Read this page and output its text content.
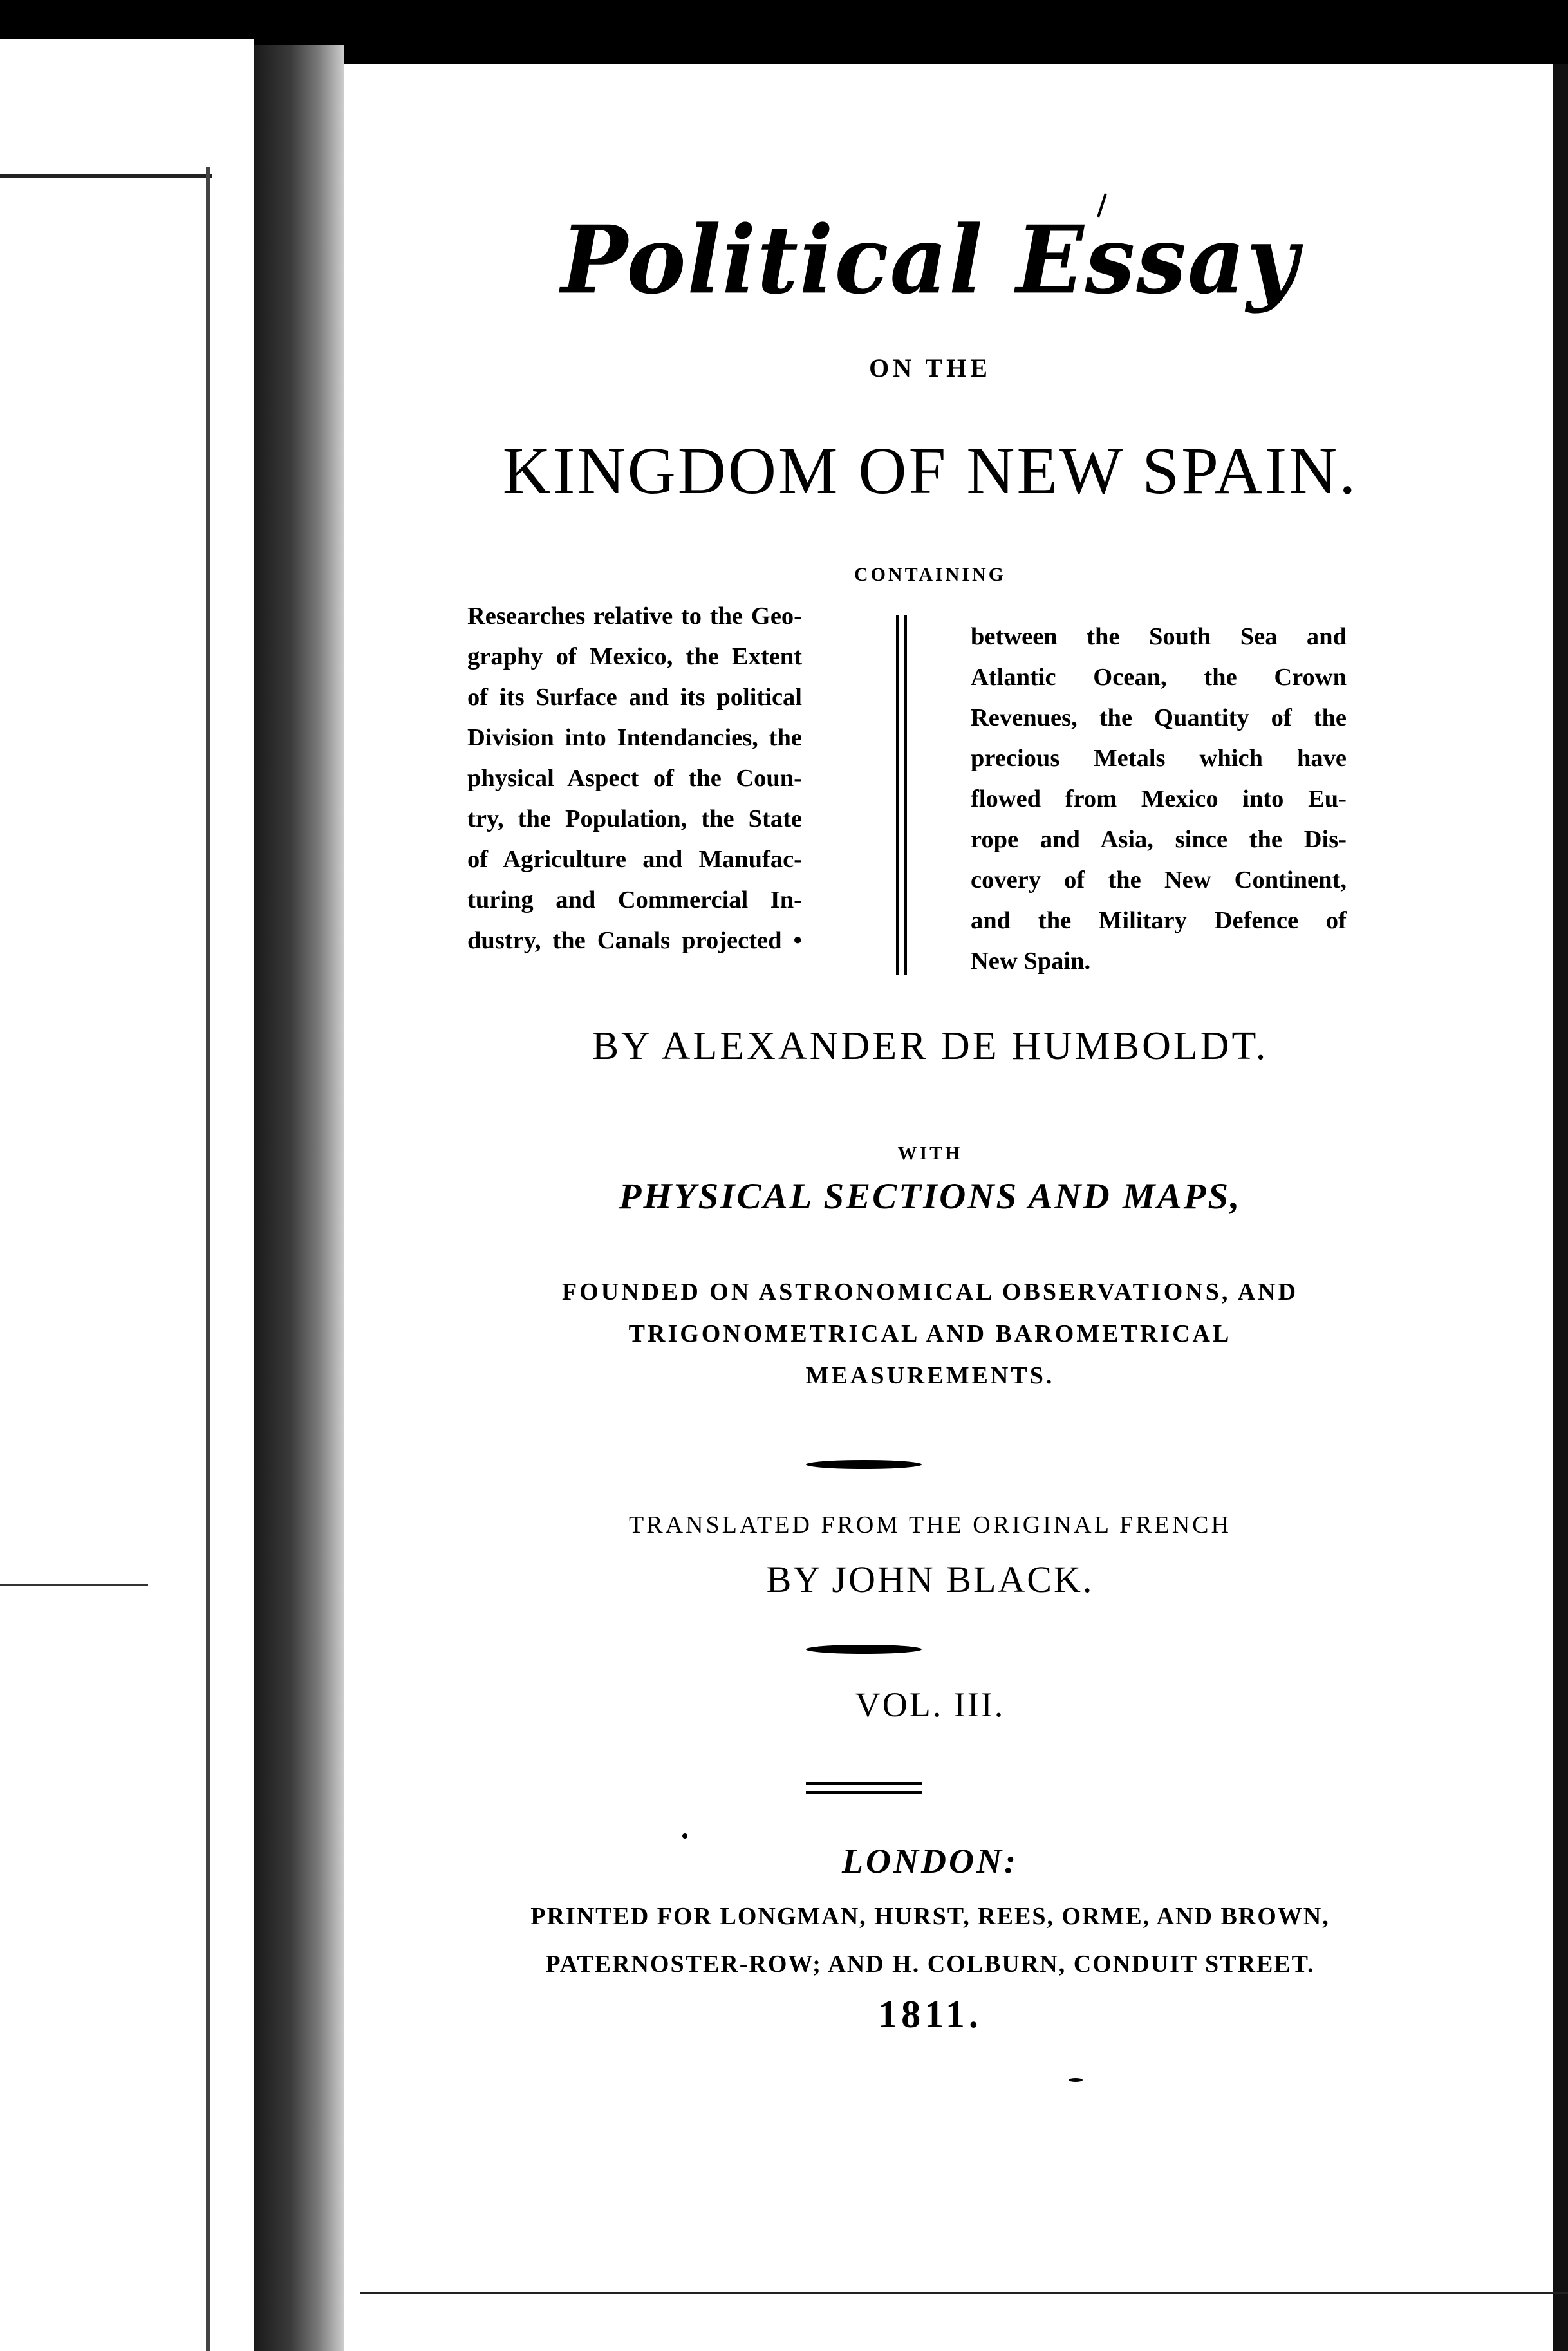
Political Essay
ON THE
KINGDOM OF NEW SPAIN.
CONTAINING
Researches relative to the Geo-
graphy of Mexico, the Extent
of its Surface and its political
Division into Intendancies, the
physical Aspect of the Coun-
try, the Population, the State
of Agriculture and Manufac-
turing and Commercial In-
dustry, the Canals projected •
between the South Sea and
Atlantic Ocean, the Crown
Revenues, the Quantity of the
precious Metals which have
flowed from Mexico into Eu-
rope and Asia, since the Dis-
covery of the New Continent,
and the Military Defence of
New Spain.
BY ALEXANDER DE HUMBOLDT.
WITH
PHYSICAL SECTIONS AND MAPS,
FOUNDED ON ASTRONOMICAL OBSERVATIONS, AND
TRIGONOMETRICAL AND BAROMETRICAL
MEASUREMENTS.
TRANSLATED FROM THE ORIGINAL FRENCH
BY JOHN BLACK.
VOL. III.
LONDON:
PRINTED FOR LONGMAN, HURST, REES, ORME, AND BROWN,
PATERNOSTER-ROW; AND H. COLBURN, CONDUIT STREET.
1811.
